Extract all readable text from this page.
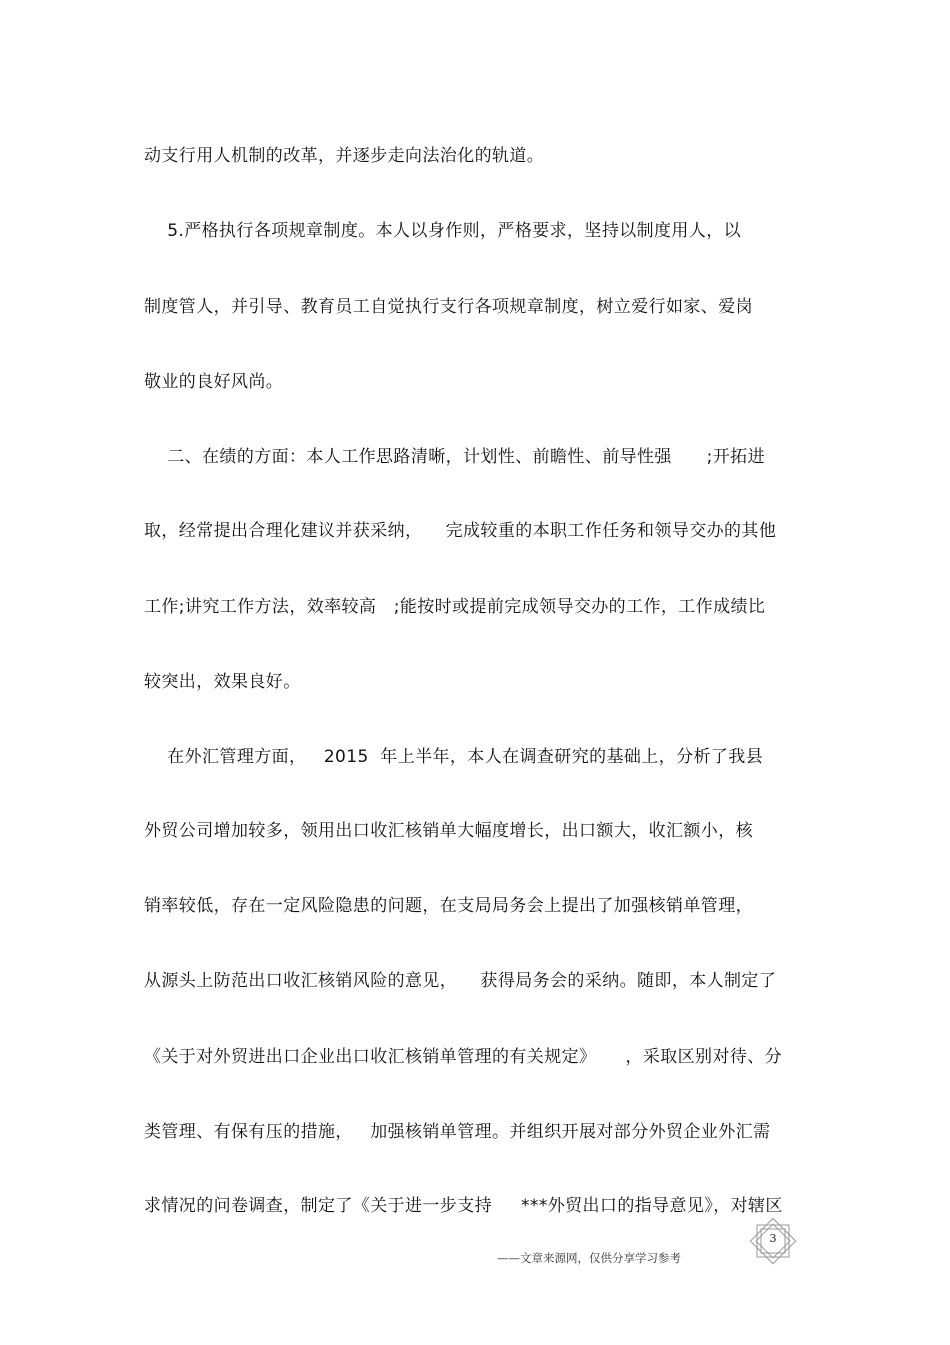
动支行用人机制的改革，并逐步走向法治化的轨道。

5.严格执行各项规章制度。本人以身作则，严格要求，坚持以制度用人，以

制度管人，并引导、教育员工自觉执行支行各项规章制度，树立爱行如家、爱岗

敬业的良好风尚。

二、在绩的方面：本人工作思路清晰，计划性、前瞻性、前导性强      ;开拓进

取，经常提出合理化建议并获采纳，    完成较重的本职工作任务和领导交办的其他

工作;讲究工作方法，效率较高   ;能按时或提前完成领导交办的工作，工作成绩比

较突出，效果良好。

在外汇管理方面，   2015  年上半年，本人在调查研究的基础上，分析了我县

外贸公司增加较多，领用出口收汇核销单大幅度增长，出口额大，收汇额小，核

销率较低，存在一定风险隐患的问题，在支局局务会上提出了加强核销单管理，

从源头上防范出口收汇核销风险的意见，    获得局务会的采纳。随即，本人制定了

《关于对外贸进出口企业出口收汇核销单管理的有关规定》     ，采取区别对待、分

类管理、有保有压的措施，   加强核销单管理。并组织开展对部分外贸企业外汇需

求情况的问卷调查，制定了《关于进一步支持     ***外贸出口的指导意见》，对辖区

3

——文章来源网，仅供分享学习参考
